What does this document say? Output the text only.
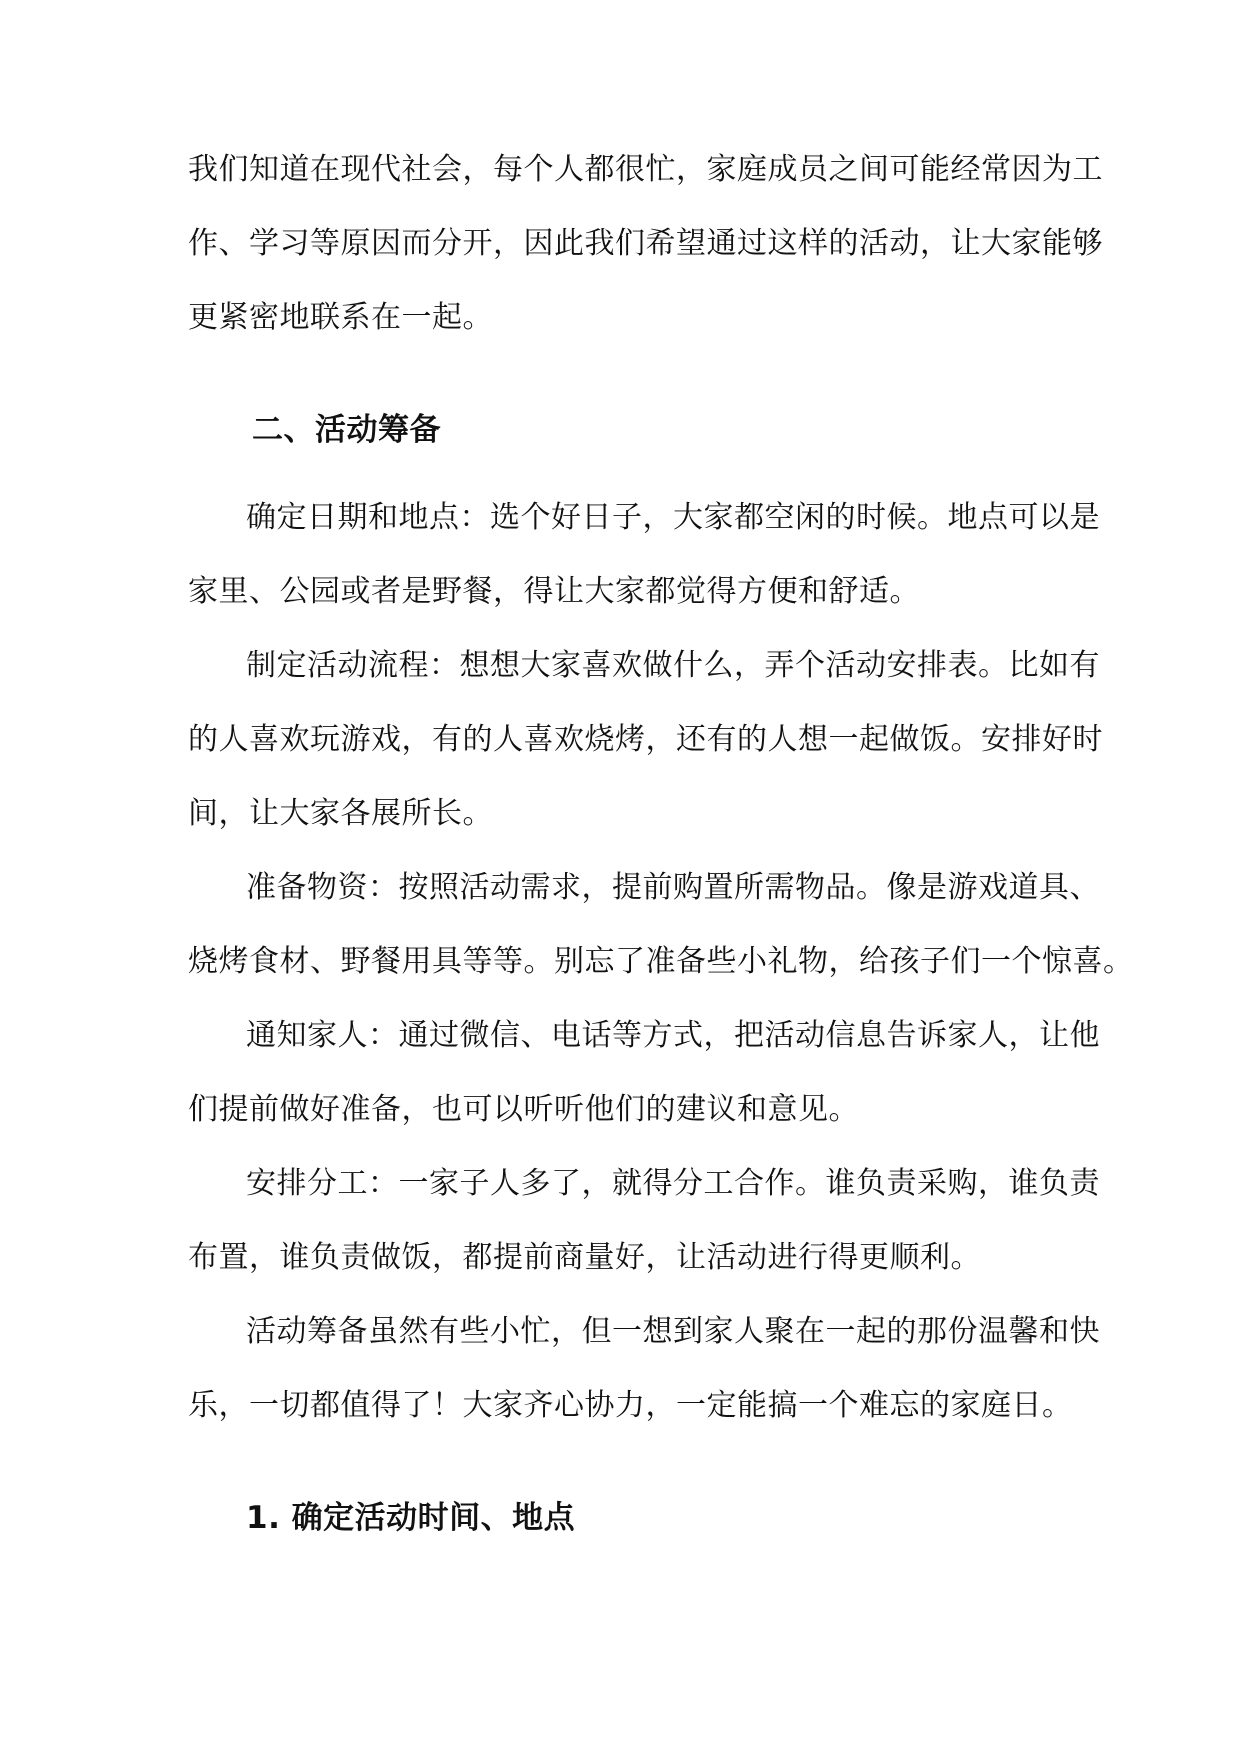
我们知道在现代社会，每个人都很忙，家庭成员之间可能经常因为工
作、学习等原因而分开，因此我们希望通过这样的活动，让大家能够
更紧密地联系在一起。
二、活动筹备
确定日期和地点：选个好日子，大家都空闲的时候。地点可以是
家里、公园或者是野餐，得让大家都觉得方便和舒适。
制定活动流程：想想大家喜欢做什么，弄个活动安排表。比如有
的人喜欢玩游戏，有的人喜欢烧烤，还有的人想一起做饭。安排好时
间，让大家各展所长。
准备物资：按照活动需求，提前购置所需物品。像是游戏道具、
烧烤食材、野餐用具等等。别忘了准备些小礼物，给孩子们一个惊喜。
通知家人：通过微信、电话等方式，把活动信息告诉家人，让他
们提前做好准备，也可以听听他们的建议和意见。
安排分工：一家子人多了，就得分工合作。谁负责采购，谁负责
布置，谁负责做饭，都提前商量好，让活动进行得更顺利。
活动筹备虽然有些小忙，但一想到家人聚在一起的那份温馨和快
乐，一切都值得了！大家齐心协力，一定能搞一个难忘的家庭日。
1. 确定活动时间、地点
